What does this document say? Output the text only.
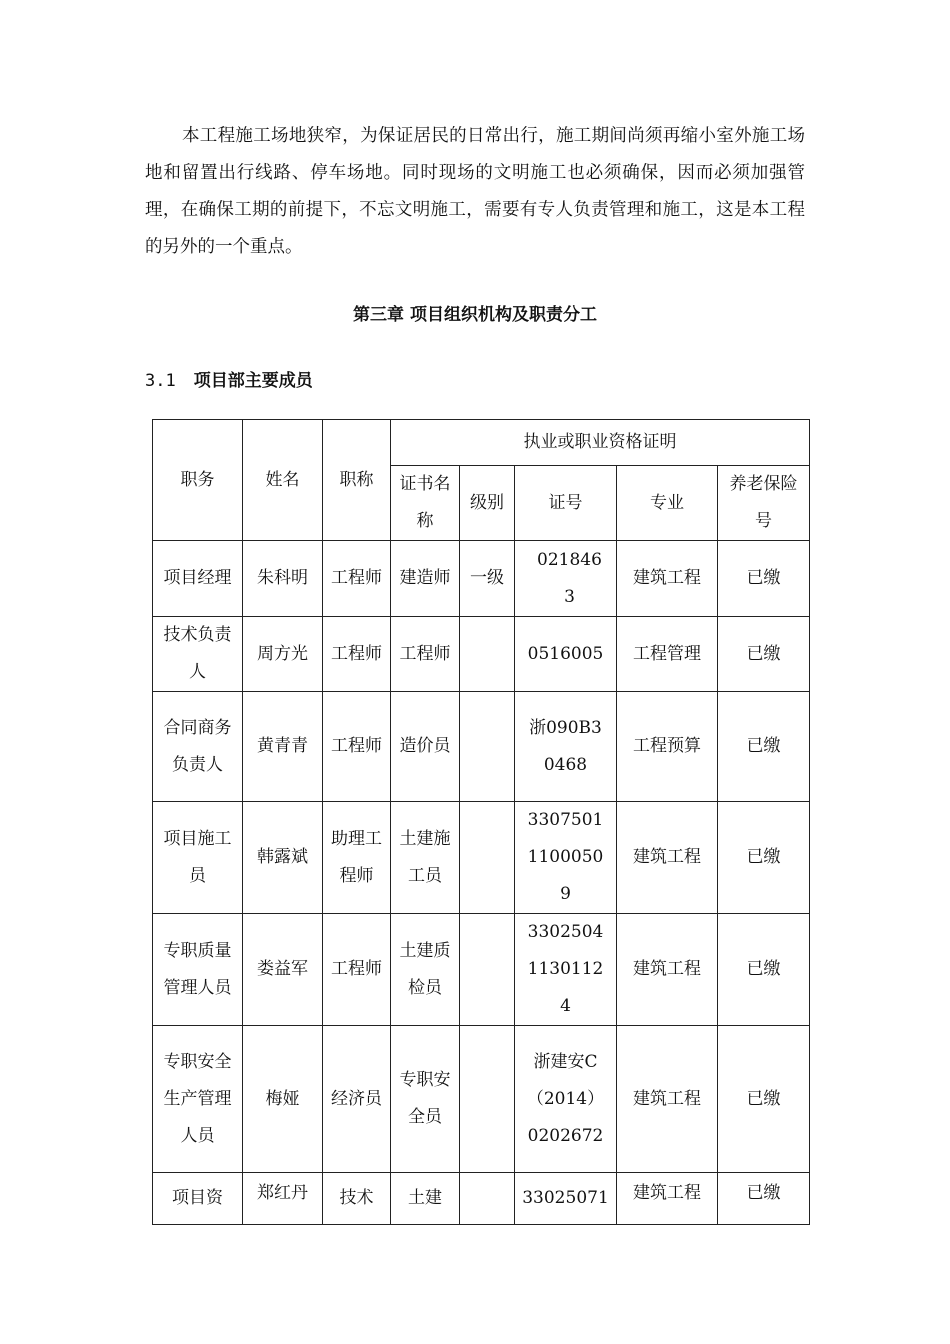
本工程施工场地狭窄，为保证居民的日常出行，施工期间尚须再缩小室外施工场地和留置出行线路、停车场地。同时现场的文明施工也必须确保，因而必须加强管理，在确保工期的前提下，不忘文明施工，需要有专人负责管理和施工，这是本工程的另外的一个重点。

第三章 项目组织机构及职责分工
3.1 项目部主要成员
职务	姓名	职称	执业或职业资格证明				
			证书名称	级别	证号	专业	养老保险号
项目经理	朱科明	工程师	建造师	一级	0218463	建筑工程	已缴
技术负责人	周方光	工程师	工程师		0516005	工程管理	已缴
合同商务负责人	黄青青	工程师	造价员		浙090B30468	工程预算	已缴
项目施工员	韩露斌	助理工程师	土建施工员		330750111000509	建筑工程	已缴
专职质量管理人员	娄益军	工程师	土建质检员		330250411301124	建筑工程	已缴
专职安全生产管理人员	梅娅	经济员	专职安全员		浙建安C（2014）0202672	建筑工程	已缴
项目资	郑红丹	技术	土建		33025071	建筑工程	已缴
